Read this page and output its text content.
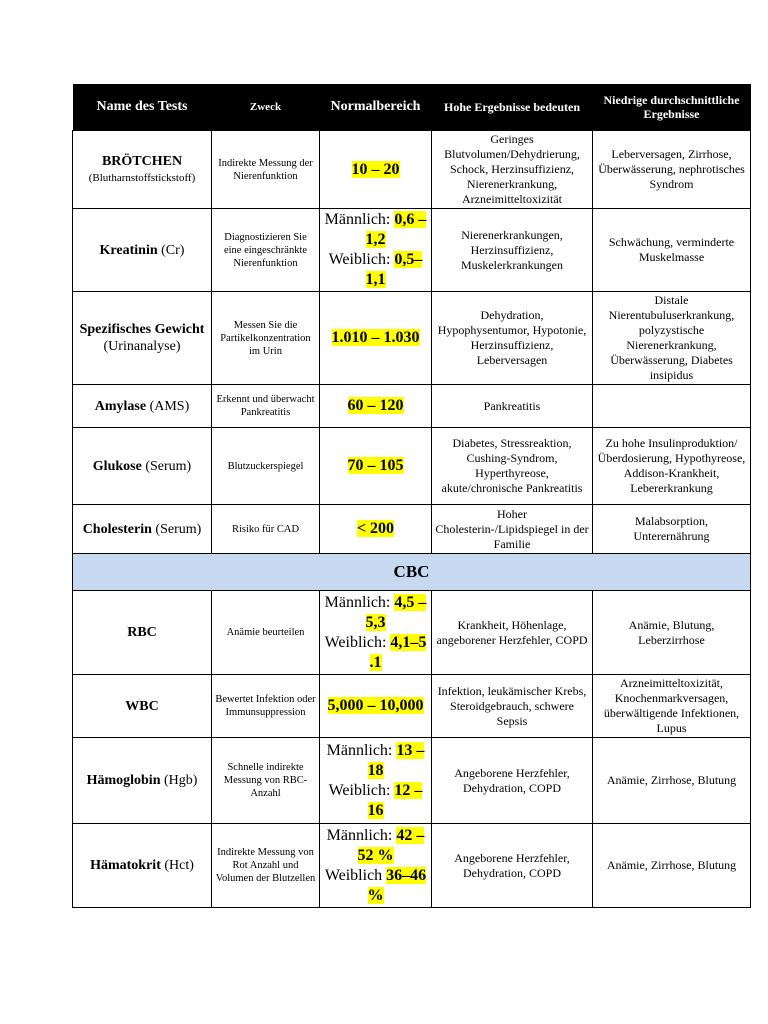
Name des Tests	Zweck	Normalbereich	Hohe Ergebnisse bedeuten	Niedrige durchschnittliche Ergebnisse
BRÖTCHEN
(Blutharnstoffstickstoff)	Indirekte Messung der Nierenfunktion	10 – 20	Geringes Blutvolumen/Dehydrierung, Schock, Herzinsuffizienz, Nierenerkrankung, Arzneimitteltoxizität	Leberversagen, Zirrhose, Überwässerung, nephrotisches Syndrom
Kreatinin (Cr)	Diagnostizieren Sie eine eingeschränkte Nierenfunktion	Männlich: 0,6 – 1,2
Weiblich: 0,5– 1,1	Nierenerkrankungen, Herzinsuffizienz, Muskelerkrankungen	Schwächung, verminderte Muskelmasse
Spezifisches Gewicht
(Urinanalyse)	Messen Sie die Partikelkonzentration im Urin	1.010 – 1.030	Dehydration, Hypophysentumor, Hypotonie, Herzinsuffizienz, Leberversagen	Distale Nierentubuluserkrankung, polyzystische Nierenerkrankung, Überwässerung, Diabetes insipidus
Amylase (AMS)	Erkennt und überwacht Pankreatitis	60 – 120	Pankreatitis	
Glukose (Serum)	Blutzuckerspiegel	70 – 105	Diabetes, Stressreaktion, Cushing-Syndrom, Hyperthyreose, akute/chronische Pankreatitis	Zu hohe Insulinproduktion/Überdosierung, Hypothyreose, Addison-Krankheit, Lebererkrankung
Cholesterin (Serum)	Risiko für CAD	< 200	Hoher Cholesterin-/Lipidspiegel in der Familie	Malabsorption, Unterernährung
CBC				
RBC	Anämie beurteilen	Männlich: 4,5 – 5,3
Weiblich: 4,1–5 .1	Krankheit, Höhenlage, angeborener Herzfehler, COPD	Anämie, Blutung, Leberzirrhose
WBC	Bewertet Infektion oder Immunsuppression	5,000 – 10,000	Infektion, leukämischer Krebs, Steroidgebrauch, schwere Sepsis	Arzneimitteltoxizität, Knochenmarkversagen, überwältigende Infektionen, Lupus
Hämoglobin (Hgb)	Schnelle indirekte Messung von RBC-Anzahl	Männlich: 13 – 18
Weiblich: 12 – 16	Angeborene Herzfehler, Dehydration, COPD	Anämie, Zirrhose, Blutung
Hämatokrit (Hct)	Indirekte Messung von Rot Anzahl und Volumen der Blutzellen	Männlich: 42 – 52 %
Weiblich 36–46 %	Angeborene Herzfehler, Dehydration, COPD	Anämie, Zirrhose, Blutung
